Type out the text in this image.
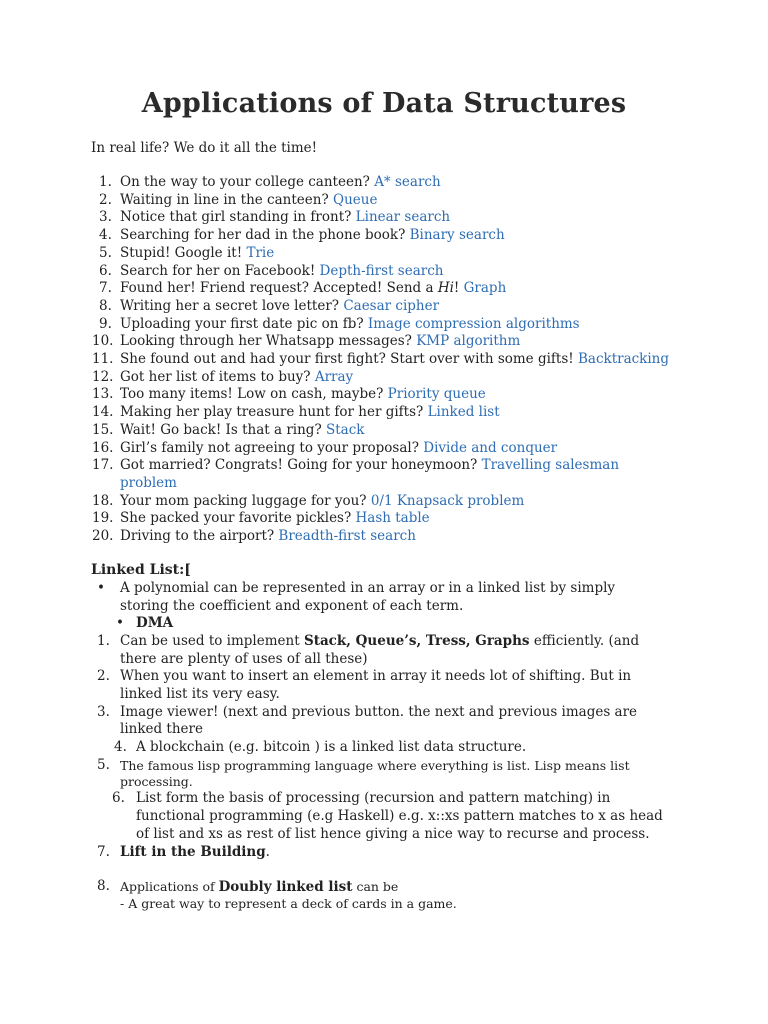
Applications of Data Structures

In real life? We do it all the time!

1. On the way to your college canteen? A* search
2. Waiting in line in the canteen? Queue
3. Notice that girl standing in front? Linear search
4. Searching for her dad in the phone book? Binary search
5. Stupid! Google it! Trie
6. Search for her on Facebook! Depth-first search
7. Found her! Friend request? Accepted! Send a Hi! Graph
8. Writing her a secret love letter? Caesar cipher
9. Uploading your first date pic on fb? Image compression algorithms
10. Looking through her Whatsapp messages? KMP algorithm
11. She found out and had your first fight? Start over with some gifts! Backtracking
12. Got her list of items to buy? Array
13. Too many items! Low on cash, maybe? Priority queue
14. Making her play treasure hunt for her gifts? Linked list
15. Wait! Go back! Is that a ring? Stack
16. Girl’s family not agreeing to your proposal? Divide and conquer
17. Got married? Congrats! Going for your honeymoon? Travelling salesman
problem
18. Your mom packing luggage for you? 0/1 Knapsack problem
19. She packed your favorite pickles? Hash table
20. Driving to the airport? Breadth-first search
Linked List:[
• A polynomial can be represented in an array or in a linked list by simply
storing the coefficient and exponent of each term.
• DMA
1. Can be used to implement Stack, Queue’s, Tress, Graphs efficiently. (and
there are plenty of uses of all these)
2. When you want to insert an element in array it needs lot of shifting. But in
linked list its very easy.
3. Image viewer! (next and previous button. the next and previous images are
linked there
4. A blockchain (e.g. bitcoin ) is a linked list data structure.
5. The famous lisp programming language where everything is list. Lisp means list
processing.
6. List form the basis of processing (recursion and pattern matching) in
functional programming (e.g Haskell) e.g. x::xs pattern matches to x as head
of list and xs as rest of list hence giving a nice way to recurse and process.
7. Lift in the Building.
8. Applications of Doubly linked list can be
- A great way to represent a deck of cards in a game.
